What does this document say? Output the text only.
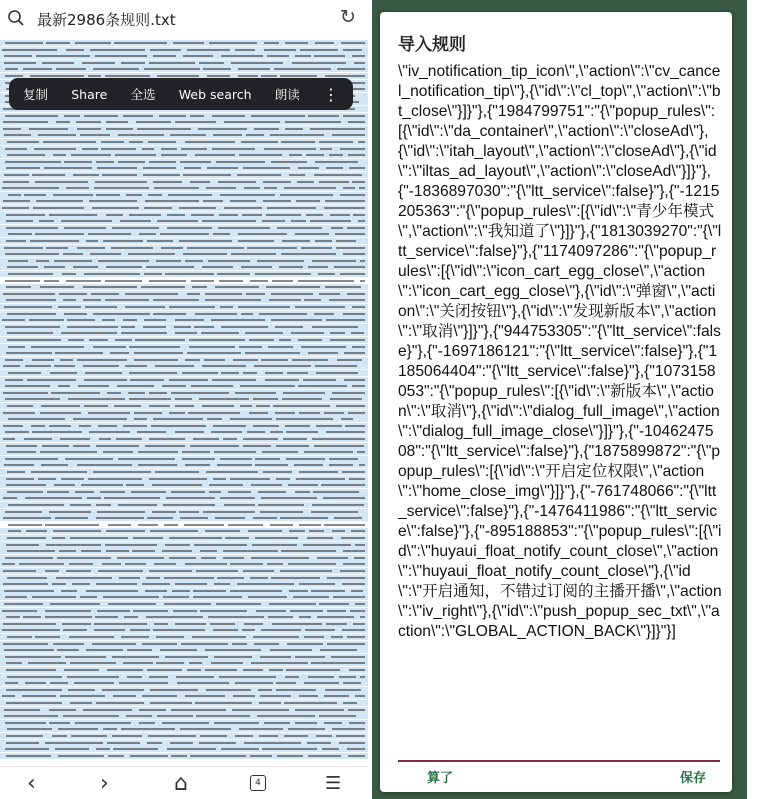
最新2986条规则.txt	↻
复制 Share 全选 Web search 朗读 ⋮
‹	›	⌂	4	☰
导入规则
\"iv_notification_tip_icon\",\"action\":\"cv_cancel_notification_tip\"},{\"id\":\"cl_top\",\"action\":\"bt_close\"}]}"},{"1984799751":"{\"popup_rules\":[{\"id\":\"da_container\",\"action\":\"closeAd\"},{\"id\":\"itah_layout\",\"action\":\"closeAd\"},{\"id\":\"iltas_ad_layout\",\"action\":\"closeAd\"}]}"},{"-1836897030":"{\"ltt_service\":false}"},{"-1215205363":"{\"popup_rules\":[{\"id\":\"青少年模式\",\"action\":\"我知道了\"}]}"},{"1813039270":"{\"ltt_service\":false}"},{"1174097286":"{\"popup_rules\":[{\"id\":\"icon_cart_egg_close\",\"action\":\"icon_cart_egg_close\"},{\"id\":\"弹窗\",\"action\":\"关闭按钮\"},{\"id\":\"发现新版本\",\"action\":\"取消\"}]}"},{"944753305":"{\"ltt_service\":false}"},{"-1697186121":"{\"ltt_service\":false}"},{"1185064404":"{\"ltt_service\":false}"},{"1073158053":"{\"popup_rules\":[{\"id\":\"新版本\",\"action\":\"取消\"},{\"id\":\"dialog_full_image\",\"action\":\"dialog_full_image_close\"}]}"},{"-1046247508":"{\"ltt_service\":false}"},{"1875899872":"{\"popup_rules\":[{\"id\":\"开启定位权限\",\"action\":\"home_close_img\"}]}"},{"-761748066":"{\"ltt_service\":false}"},{"-1476411986":"{\"ltt_service\":false}"},{"-895188853":"{\"popup_rules\":[{\"id\":\"huyaui_float_notify_count_close\",\"action\":\"huyaui_float_notify_count_close\"},{\"id\":\"开启通知，不错过订阅的主播开播\",\"action\":\"iv_right\"},{\"id\":\"push_popup_sec_txt\",\"action\":\"GLOBAL_ACTION_BACK\"}]}"}]
算了	保存
